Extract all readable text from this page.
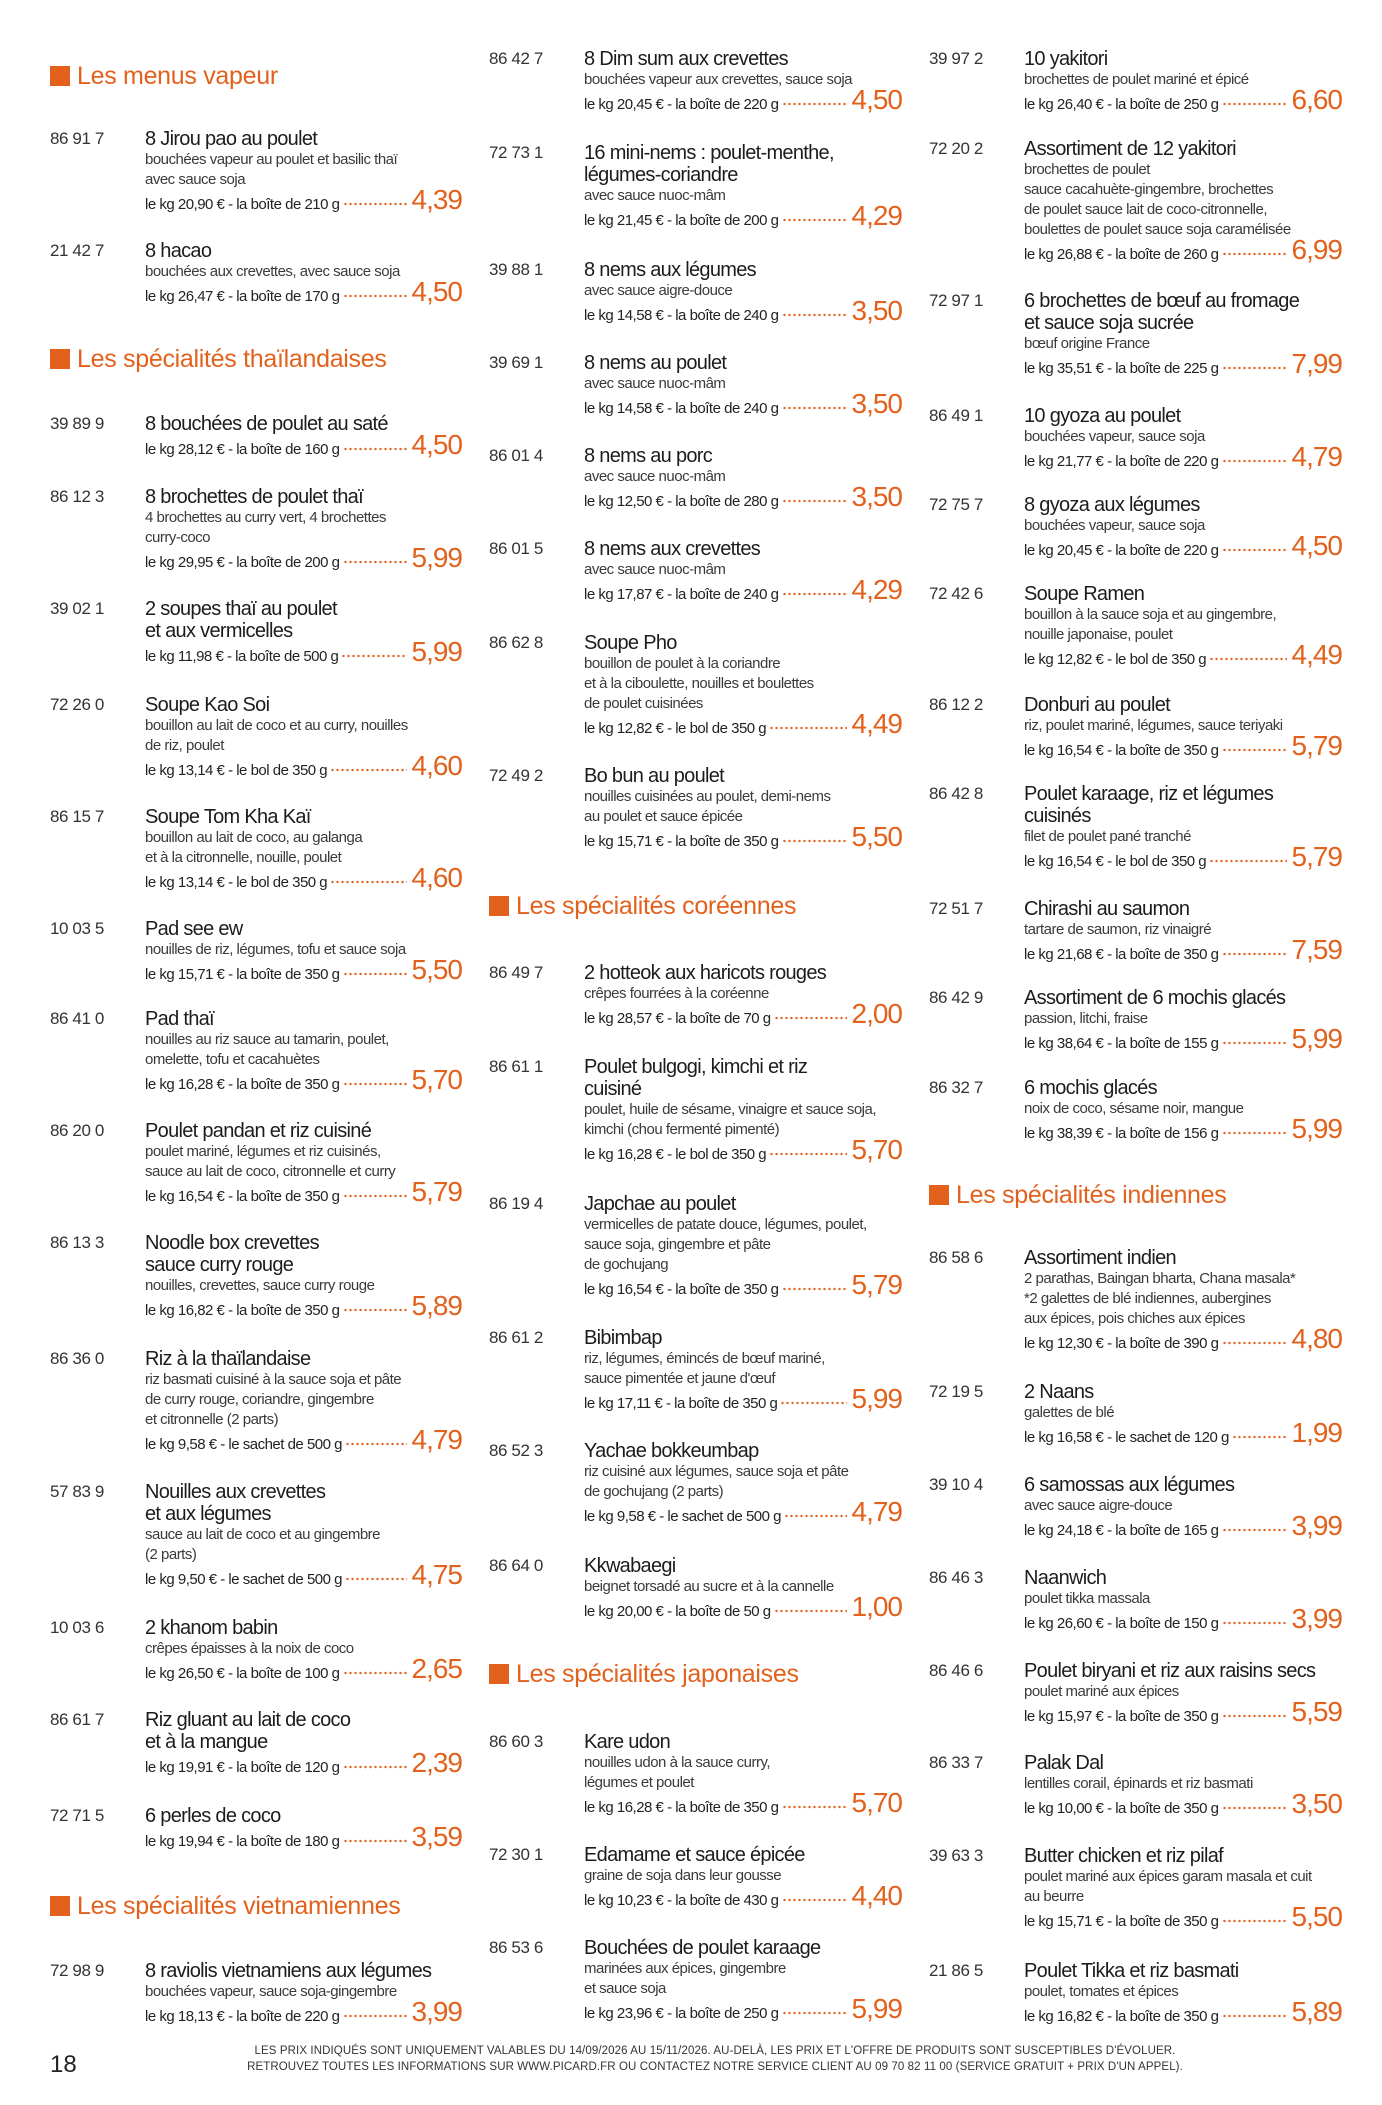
Les menus vapeur
86 91 7 8 Jirou pao au poulet
bouchées vapeur au poulet et basilic thaï
avec sauce soja
le kg 20,90 € - la boîte de 210 g	4,39
21 42 7 8 hacao
bouchées aux crevettes, avec sauce soja
le kg 26,47 € - la boîte de 170 g	4,50
Les spécialités thaïlandaises
39 89 9 8 bouchées de poulet au saté
le kg 28,12 € - la boîte de 160 g	4,50
86 12 3 8 brochettes de poulet thaï
4 brochettes au curry vert, 4 brochettes
curry-coco
le kg 29,95 € - la boîte de 200 g	5,99
39 02 1 2 soupes thaï au poulet
et aux vermicelles
le kg 11,98 € - la boîte de 500 g	5,99
72 26 0 Soupe Kao Soi
bouillon au lait de coco et au curry, nouilles
de riz, poulet
le kg 13,14 € - le bol de 350 g	4,60
86 15 7 Soupe Tom Kha Kaï
bouillon au lait de coco, au galanga
et à la citronnelle, nouille, poulet
le kg 13,14 € - le bol de 350 g	4,60
10 03 5 Pad see ew
nouilles de riz, légumes, tofu et sauce soja
le kg 15,71 € - la boîte de 350 g	5,50
86 41 0 Pad thaï
nouilles au riz sauce au tamarin, poulet,
omelette, tofu et cacahuètes
le kg 16,28 € - la boîte de 350 g	5,70
86 20 0 Poulet pandan et riz cuisiné
poulet mariné, légumes et riz cuisinés,
sauce au lait de coco, citronnelle et curry
le kg 16,54 € - la boîte de 350 g	5,79
86 13 3 Noodle box crevettes
sauce curry rouge
nouilles, crevettes, sauce curry rouge
le kg 16,82 € - la boîte de 350 g	5,89
86 36 0 Riz à la thaïlandaise
riz basmati cuisiné à la sauce soja et pâte
de curry rouge, coriandre, gingembre
et citronnelle (2 parts)
le kg 9,58 € - le sachet de 500 g 4,79
57 83 9 Nouilles aux crevettes
et aux légumes
sauce au lait de coco et au gingembre
(2 parts)
le kg 9,50 € - le sachet de 500 g 4,75
10 03 6 2 khanom babin
crêpes épaisses à la noix de coco
le kg 26,50 € - la boîte de 100 g	2,65
86 61 7 Riz gluant au lait de coco
et à la mangue
le kg 19,91 € - la boîte de 120 g	2,39
72 71 5 6 perles de coco
le kg 19,94 € - la boîte de 180 g	3,59
Les spécialités vietnamiennes
72 98 9 8 raviolis vietnamiens aux légumes
bouchées vapeur, sauce soja-gingembre
le kg 18,13 € - la boîte de 220 g	3,99
86 42 7 8 Dim sum aux crevettes
bouchées vapeur aux crevettes, sauce soja
le kg 20,45 € - la boîte de 220 g	4,50
72 73 1 16 mini-nems : poulet-menthe,
légumes-coriandre
avec sauce nuoc-mâm
le kg 21,45 € - la boîte de 200 g	4,29
39 88 1 8 nems aux légumes
avec sauce aigre-douce
le kg 14,58 € - la boîte de 240 g	3,50
39 69 1 8 nems au poulet
avec sauce nuoc-mâm
le kg 14,58 € - la boîte de 240 g	3,50
86 01 4 8 nems au porc
avec sauce nuoc-mâm
le kg 12,50 € - la boîte de 280 g	3,50
86 01 5 8 nems aux crevettes
avec sauce nuoc-mâm
le kg 17,87 € - la boîte de 240 g	4,29
86 62 8 Soupe Pho
bouillon de poulet à la coriandre
et à la ciboulette, nouilles et boulettes
de poulet cuisinées
le kg 12,82 € - le bol de 350 g	4,49
72 49 2 Bo bun au poulet
nouilles cuisinées au poulet, demi-nems
au poulet et sauce épicée
le kg 15,71 € - la boîte de 350 g	5,50
Les spécialités coréennes
86 49 7 2 hotteok aux haricots rouges
crêpes fourrées à la coréenne
le kg 28,57 € - la boîte de 70 g	2,00
86 61 1 Poulet bulgogi, kimchi et riz
cuisiné
poulet, huile de sésame, vinaigre et sauce soja,
kimchi (chou fermenté pimenté)
le kg 16,28 € - le bol de 350 g	5,70
86 19 4 Japchae au poulet
vermicelles de patate douce, légumes, poulet,
sauce soja, gingembre et pâte
de gochujang
le kg 16,54 € - la boîte de 350 g	5,79
86 61 2 Bibimbap
riz, légumes, émincés de bœuf mariné,
sauce pimentée et jaune d'œuf
le kg 17,11 € - la boîte de 350 g	5,99
86 52 3 Yachae bokkeumbap
riz cuisiné aux légumes, sauce soja et pâte
de gochujang (2 parts)
le kg 9,58 € - le sachet de 500 g	4,79
86 64 0 Kkwabaegi
beignet torsadé au sucre et à la cannelle
le kg 20,00 € - la boîte de 50 g	1,00
Les spécialités japonaises
86 60 3 Kare udon
nouilles udon à la sauce curry,
légumes et poulet
le kg 16,28 € - la boîte de 350 g	5,70
72 30 1 Edamame et sauce épicée
graine de soja dans leur gousse
le kg 10,23 € - la boîte de 430 g	4,40
86 53 6 Bouchées de poulet karaage
marinées aux épices, gingembre
et sauce soja
le kg 23,96 € - la boîte de 250 g	5,99
39 97 2 10 yakitori
brochettes de poulet mariné et épicé
le kg 26,40 € - la boîte de 250 g	6,60
72 20 2 Assortiment de 12 yakitori
brochettes de poulet
sauce cacahuète-gingembre, brochettes
de poulet sauce lait de coco-citronnelle,
boulettes de poulet sauce soja caramélisée
le kg 26,88 € - la boîte de 260 g	6,99
72 97 1 6 brochettes de bœuf au fromage
et sauce soja sucrée
bœuf origine France
le kg 35,51 € - la boîte de 225 g	7,99
86 49 1 10 gyoza au poulet
bouchées vapeur, sauce soja
le kg 21,77 € - la boîte de 220 g	4,79
72 75 7 8 gyoza aux légumes
bouchées vapeur, sauce soja
le kg 20,45 € - la boîte de 220 g	4,50
72 42 6 Soupe Ramen
bouillon à la sauce soja et au gingembre,
nouille japonaise, poulet
le kg 12,82 € - le bol de 350 g	4,49
86 12 2 Donburi au poulet
riz, poulet mariné, légumes, sauce teriyaki
le kg 16,54 € - la boîte de 350 g	5,79
86 42 8 Poulet karaage, riz et légumes
cuisinés
filet de poulet pané tranché
le kg 16,54 € - le bol de 350 g	5,79
72 51 7 Chirashi au saumon
tartare de saumon, riz vinaigré
le kg 21,68 € - la boîte de 350 g	7,59
86 42 9 Assortiment de 6 mochis glacés
passion, litchi, fraise
le kg 38,64 € - la boîte de 155 g	5,99
86 32 7 6 mochis glacés
noix de coco, sésame noir, mangue
le kg 38,39 € - la boîte de 156 g	5,99
Les spécialités indiennes
86 58 6 Assortiment indien
2 parathas, Baingan bharta, Chana masala*
*2 galettes de blé indiennes, aubergines
aux épices, pois chiches aux épices
le kg 12,30 € - la boîte de 390 g	4,80
72 19 5 2 Naans
galettes de blé
le kg 16,58 € - le sachet de 120 g 1,99
39 10 4 6 samossas aux légumes
avec sauce aigre-douce
le kg 24,18 € - la boîte de 165 g	3,99
86 46 3 Naanwich
poulet tikka massala
le kg 26,60 € - la boîte de 150 g	3,99
86 46 6 Poulet biryani et riz aux raisins secs
poulet mariné aux épices
le kg 15,97 € - la boîte de 350 g	5,59
86 33 7 Palak Dal
lentilles corail, épinards et riz basmati
le kg 10,00 € - la boîte de 350 g	3,50
39 63 3 Butter chicken et riz pilaf
poulet mariné aux épices garam masala et cuit
au beurre
le kg 15,71 € - la boîte de 350 g	5,50
21 86 5 Poulet Tikka et riz basmati
poulet, tomates et épices
le kg 16,82 € - la boîte de 350 g	5,89
18	LES PRIX INDIQUÉS SONT UNIQUEMENT VALABLES DU 14/09/2026 AU 15/11/2026. AU-DELÀ, LES PRIX ET L'OFFRE DE PRODUITS SONT SUSCEPTIBLES D'ÉVOLUER.
RETROUVEZ TOUTES LES INFORMATIONS SUR WWW.PICARD.FR OU CONTACTEZ NOTRE SERVICE CLIENT AU 09 70 82 11 00 (SERVICE GRATUIT + PRIX D'UN APPEL).
